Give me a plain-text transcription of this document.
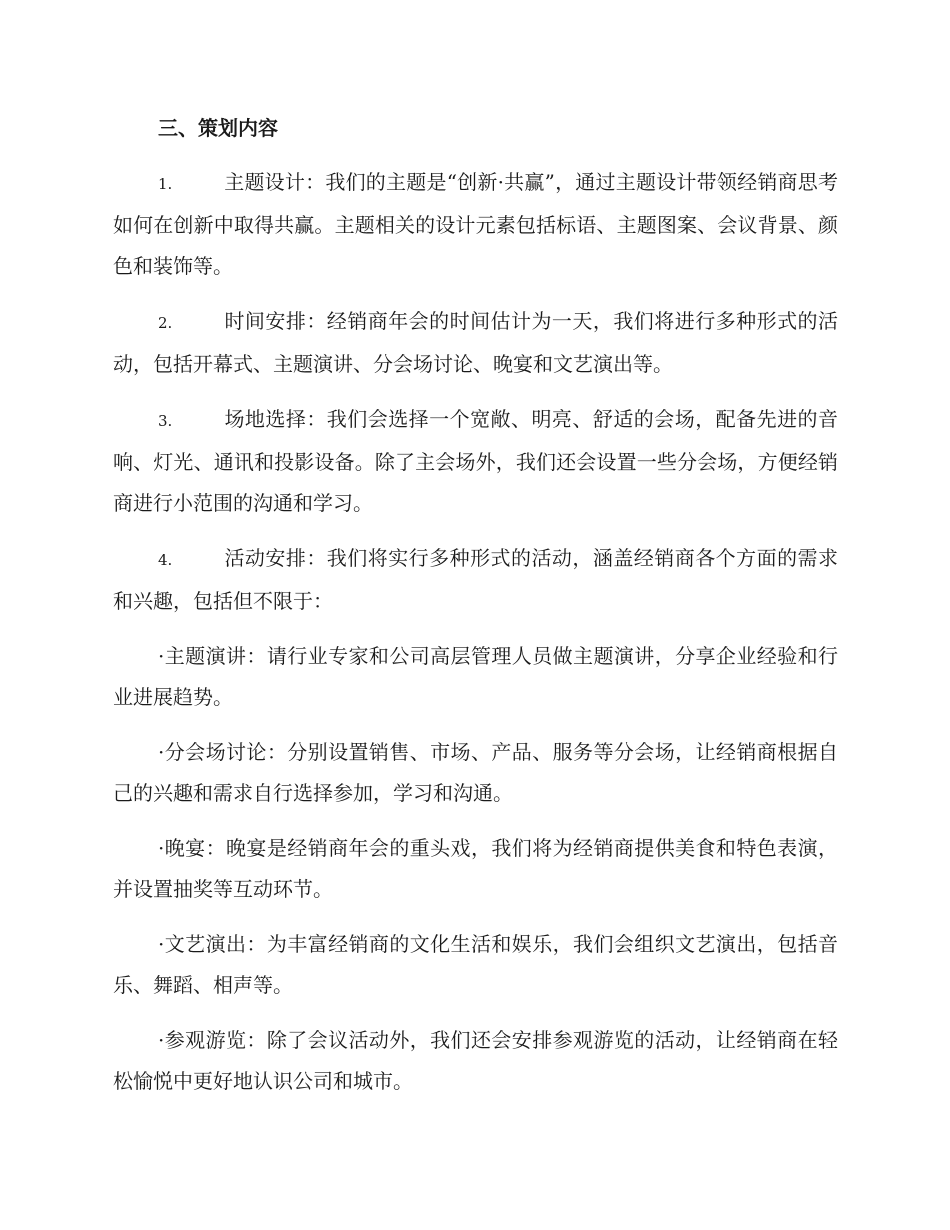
三、策划内容

1.	主题设计：我们的主题是“创新·共赢”，通过主题设计带领经销商思考如何在创新中取得共赢。主题相关的设计元素包括标语、主题图案、会议背景、颜色和装饰等。

2.	时间安排：经销商年会的时间估计为一天，我们将进行多种形式的活动，包括开幕式、主题演讲、分会场讨论、晚宴和文艺演出等。

3.	场地选择：我们会选择一个宽敞、明亮、舒适的会场，配备先进的音响、灯光、通讯和投影设备。除了主会场外，我们还会设置一些分会场，方便经销商进行小范围的沟通和学习。

4.	活动安排：我们将实行多种形式的活动，涵盖经销商各个方面的需求和兴趣，包括但不限于：

·主题演讲：请行业专家和公司高层管理人员做主题演讲，分享企业经验和行业进展趋势。

·分会场讨论：分别设置销售、市场、产品、服务等分会场，让经销商根据自己的兴趣和需求自行选择参加，学习和沟通。

·晚宴：晚宴是经销商年会的重头戏，我们将为经销商提供美食和特色表演，并设置抽奖等互动环节。

·文艺演出：为丰富经销商的文化生活和娱乐，我们会组织文艺演出，包括音乐、舞蹈、相声等。

·参观游览：除了会议活动外，我们还会安排参观游览的活动，让经销商在轻松愉悦中更好地认识公司和城市。
